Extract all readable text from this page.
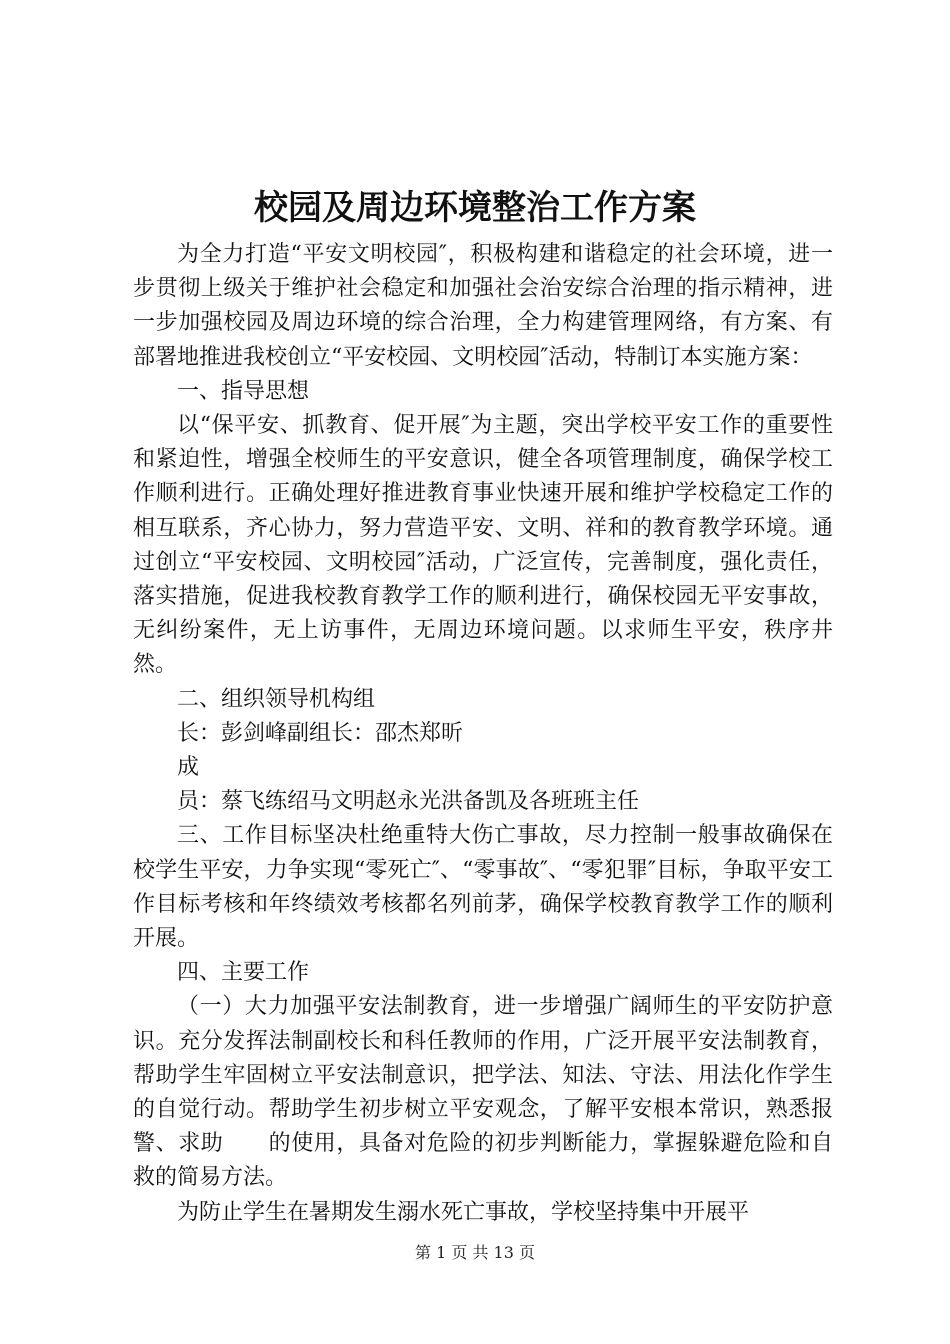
校园及周边环境整治工作方案

为全力打造“平安文明校园″，积极构建和谐稳定的社会环境，进一步贯彻上级关于维护社会稳定和加强社会治安综合治理的指示精神，进一步加强校园及周边环境的综合治理，全力构建管理网络，有方案、有部署地推进我校创立“平安校园、文明校园″活动，特制订本实施方案：

一、指导思想

以“保平安、抓教育、促开展″为主题，突出学校平安工作的重要性和紧迫性，增强全校师生的平安意识，健全各项管理制度，确保学校工作顺利进行。正确处理好推进教育事业快速开展和维护学校稳定工作的相互联系，齐心协力，努力营造平安、文明、祥和的教育教学环境。通过创立“平安校园、文明校园″活动，广泛宣传，完善制度，强化责任，落实措施，促进我校教育教学工作的顺利进行，确保校园无平安事故，无纠纷案件，无上访事件，无周边环境问题。以求师生平安，秩序井然。

二、组织领导机构组

长：彭剑峰副组长：邵杰郑昕

成

员：蔡飞练绍马文明赵永光洪备凯及各班班主任

三、工作目标坚决杜绝重特大伤亡事故，尽力控制一般事故确保在校学生平安，力争实现“零死亡″、“零事故″、“零犯罪″目标，争取平安工作目标考核和年终绩效考核都名列前茅，确保学校教育教学工作的顺利开展。

四、主要工作

（一）大力加强平安法制教育，进一步增强广阔师生的平安防护意识。充分发挥法制副校长和科任教师的作用，广泛开展平安法制教育，帮助学生牢固树立平安法制意识，把学法、知法、守法、用法化作学生的自觉行动。帮助学生初步树立平安观念，了解平安根本常识，熟悉报警、求助　　的使用，具备对危险的初步判断能力，掌握躲避危险和自救的简易方法。

为防止学生在暑期发生溺水死亡事故，学校坚持集中开展平

第 1 页 共 13 页
